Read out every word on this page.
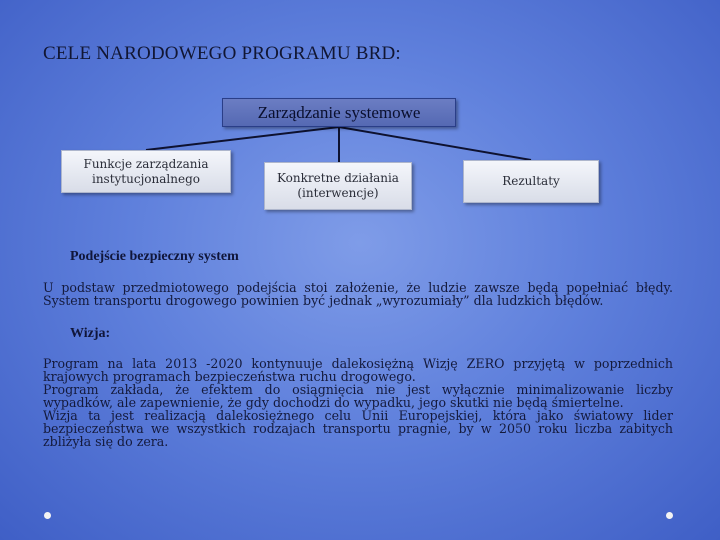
CELE NARODOWEGO PROGRAMU BRD:
Zarządzanie systemowe
Funkcje zarządzania
instytucjonalnego	Konkretne działania
(interwencje)
Rezultaty
Podejście bezpieczny system

U podstaw przedmiotowego podejścia stoi założenie, że ludzie zawsze będą popełniać błędy.

System transportu drogowego powinien być jednak „wyrozumiały” dla ludzkich błędów.

Wizja:

Program na lata 2013 -2020 kontynuuje dalekosiężną Wizję ZERO przyjętą w poprzednich

krajowych programach bezpieczeństwa ruchu drogowego.

Program zakłada, że efektem do osiągnięcia nie jest wyłącznie minimalizowanie liczby

wypadków, ale zapewnienie, że gdy dochodzi do wypadku, jego skutki nie będą śmiertelne.

Wizja ta jest realizacją dalekosiężnego celu Unii Europejskiej, która jako światowy lider

bezpieczeństwa we wszystkich rodzajach transportu pragnie, by w 2050 roku liczba zabitych

zbliżyła się do zera.
